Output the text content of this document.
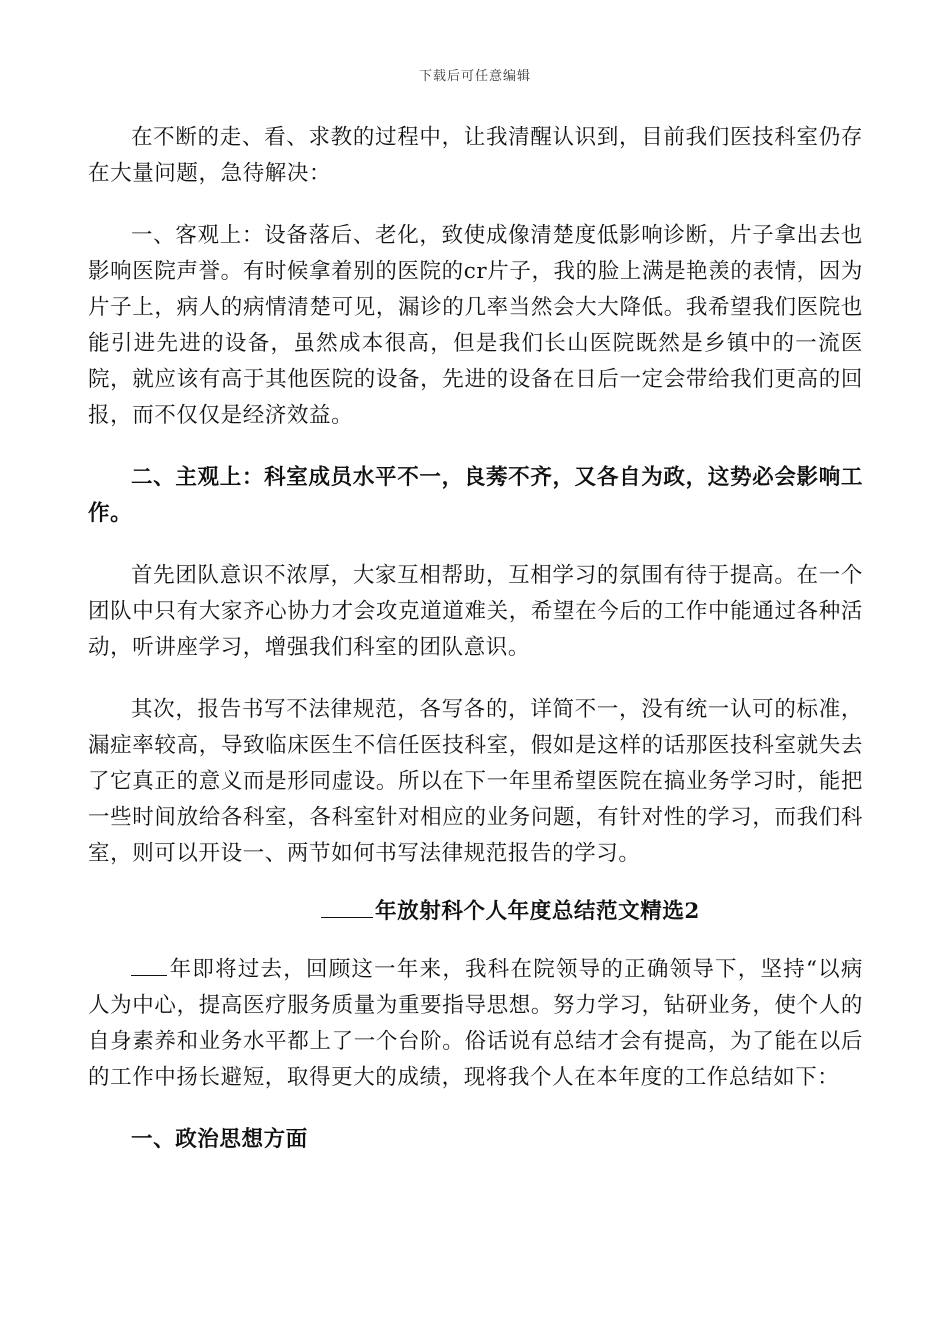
下载后可任意编辑

在不断的走、看、求教的过程中，让我清醒认识到，目前我们医技科室仍存在大量问题，急待解决：

一、客观上：设备落后、老化，致使成像清楚度低影响诊断，片子拿出去也影响医院声誉。有时候拿着别的医院的cr片子，我的脸上满是艳羡的表情，因为片子上，病人的病情清楚可见，漏诊的几率当然会大大降低。我希望我们医院也能引进先进的设备，虽然成本很高，但是我们长山医院既然是乡镇中的一流医院，就应该有高于其他医院的设备，先进的设备在日后一定会带给我们更高的回报，而不仅仅是经济效益。

二、主观上：科室成员水平不一，良莠不齐，又各自为政，这势必会影响工作。

首先团队意识不浓厚，大家互相帮助，互相学习的氛围有待于提高。在一个团队中只有大家齐心协力才会攻克道道难关，希望在今后的工作中能通过各种活动，听讲座学习，增强我们科室的团队意识。

其次，报告书写不法律规范，各写各的，详简不一，没有统一认可的标准，漏症率较高，导致临床医生不信任医技科室，假如是这样的话那医技科室就失去了它真正的意义而是形同虚设。所以在下一年里希望医院在搞业务学习时，能把一些时间放给各科室，各科室针对相应的业务问题，有针对性的学习，而我们科室，则可以开设一、两节如何书写法律规范报告的学习。

年放射科个人年度总结范文精选2

年即将过去，回顾这一年来，我科在院领导的正确领导下，坚持“以病人为中心，提高医疗服务质量为重要指导思想。努力学习，钻研业务，使个人的自身素养和业务水平都上了一个台阶。俗话说有总结才会有提高，为了能在以后的工作中扬长避短，取得更大的成绩，现将我个人在本年度的工作总结如下：

一、政治思想方面
